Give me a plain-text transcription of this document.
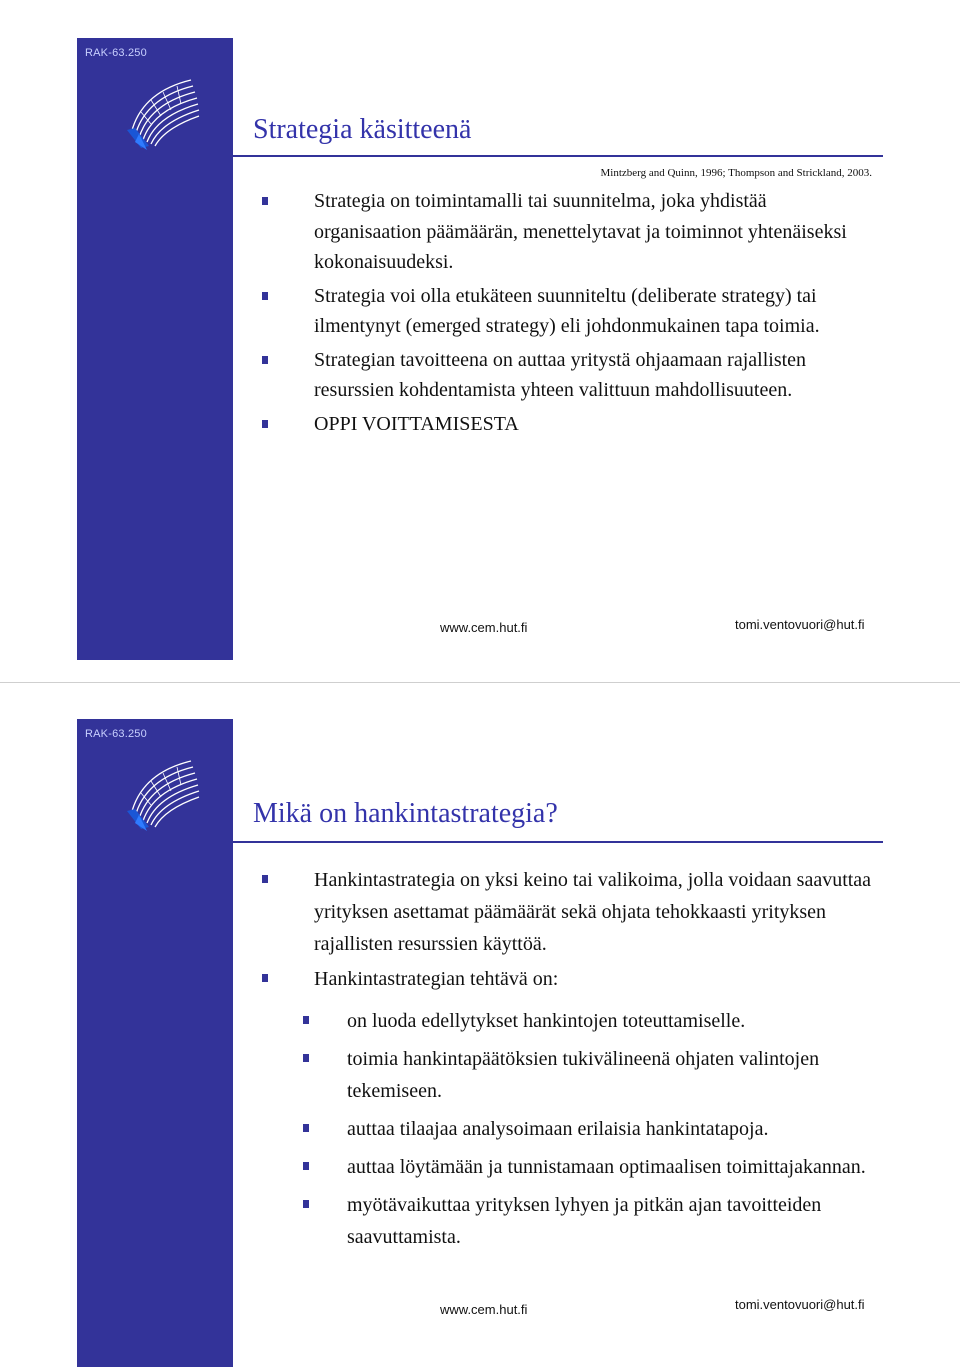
RAK-63.250
Strategia käsitteenä
Mintzberg and Quinn, 1996; Thompson and Strickland, 2003.
Strategia on toimintamalli tai suunnitelma, joka yhdistää organisaation päämäärän, menettelytavat ja toiminnot yhtenäiseksi kokonaisuudeksi.
Strategia voi olla etukäteen suunniteltu (deliberate strategy) tai ilmentynyt (emerged strategy) eli johdonmukainen tapa toimia.
Strategian tavoitteena on auttaa yritystä ohjaamaan rajallisten resurssien kohdentamista yhteen valittuun mahdollisuuteen.
OPPI VOITTAMISESTA
www.cem.hut.fi	tomi.ventovuori@hut.fi
RAK-63.250
Mikä on hankintastrategia?
www.cem.hut.fi	tomi.ventovuori@hut.fi
Hankintastrategia on yksi keino tai valikoima, jolla voidaan saavuttaa yrityksen asettamat päämäärät sekä ohjata tehokkaasti yrityksen rajallisten resurssien käyttöä.
Hankintastrategian tehtävä on:
on luoda edellytykset hankintojen toteuttamiselle.
toimia hankintapäätöksien tukivälineenä ohjaten valintojen tekemiseen.
auttaa tilaajaa analysoimaan erilaisia hankintatapoja.
auttaa löytämään ja tunnistamaan optimaalisen toimittajakannan.
myötävaikuttaa yrityksen lyhyen ja pitkän ajan tavoitteiden saavuttamista.
